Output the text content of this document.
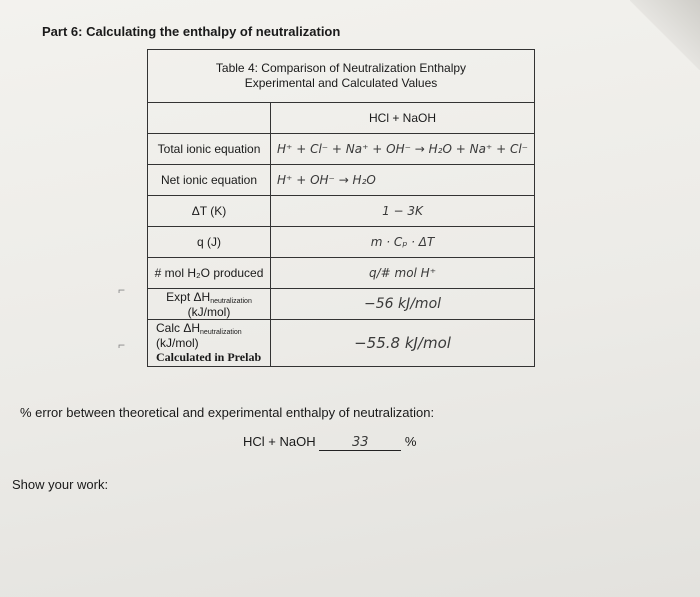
Part 6: Calculating the enthalpy of neutralization
Table 4: Comparison of Neutralization Enthalpy
Experimental and Calculated Values	
	HCl + NaOH
Total ionic equation	H⁺ + Cl⁻ + Na⁺ + OH⁻ → H₂O + Na⁺ + Cl⁻
Net ionic equation	H⁺ + OH⁻ → H₂O
ΔT (K)	1 − 3K
q (J)	m · Cₚ · ΔT
# mol H₂O produced	q/# mol H⁺
Expt $\Delta H_{neutralization}$ (kJ/mol)	−56 kJ/mol
Calc $\Delta H_{neutralization}$ (kJ/mol)
Calculated in Prelab	−55.8 kJ/mol
⌐
⌐
% error between theoretical and experimental enthalpy of neutralization:
HCl + NaOH	33	%
Show your work:
